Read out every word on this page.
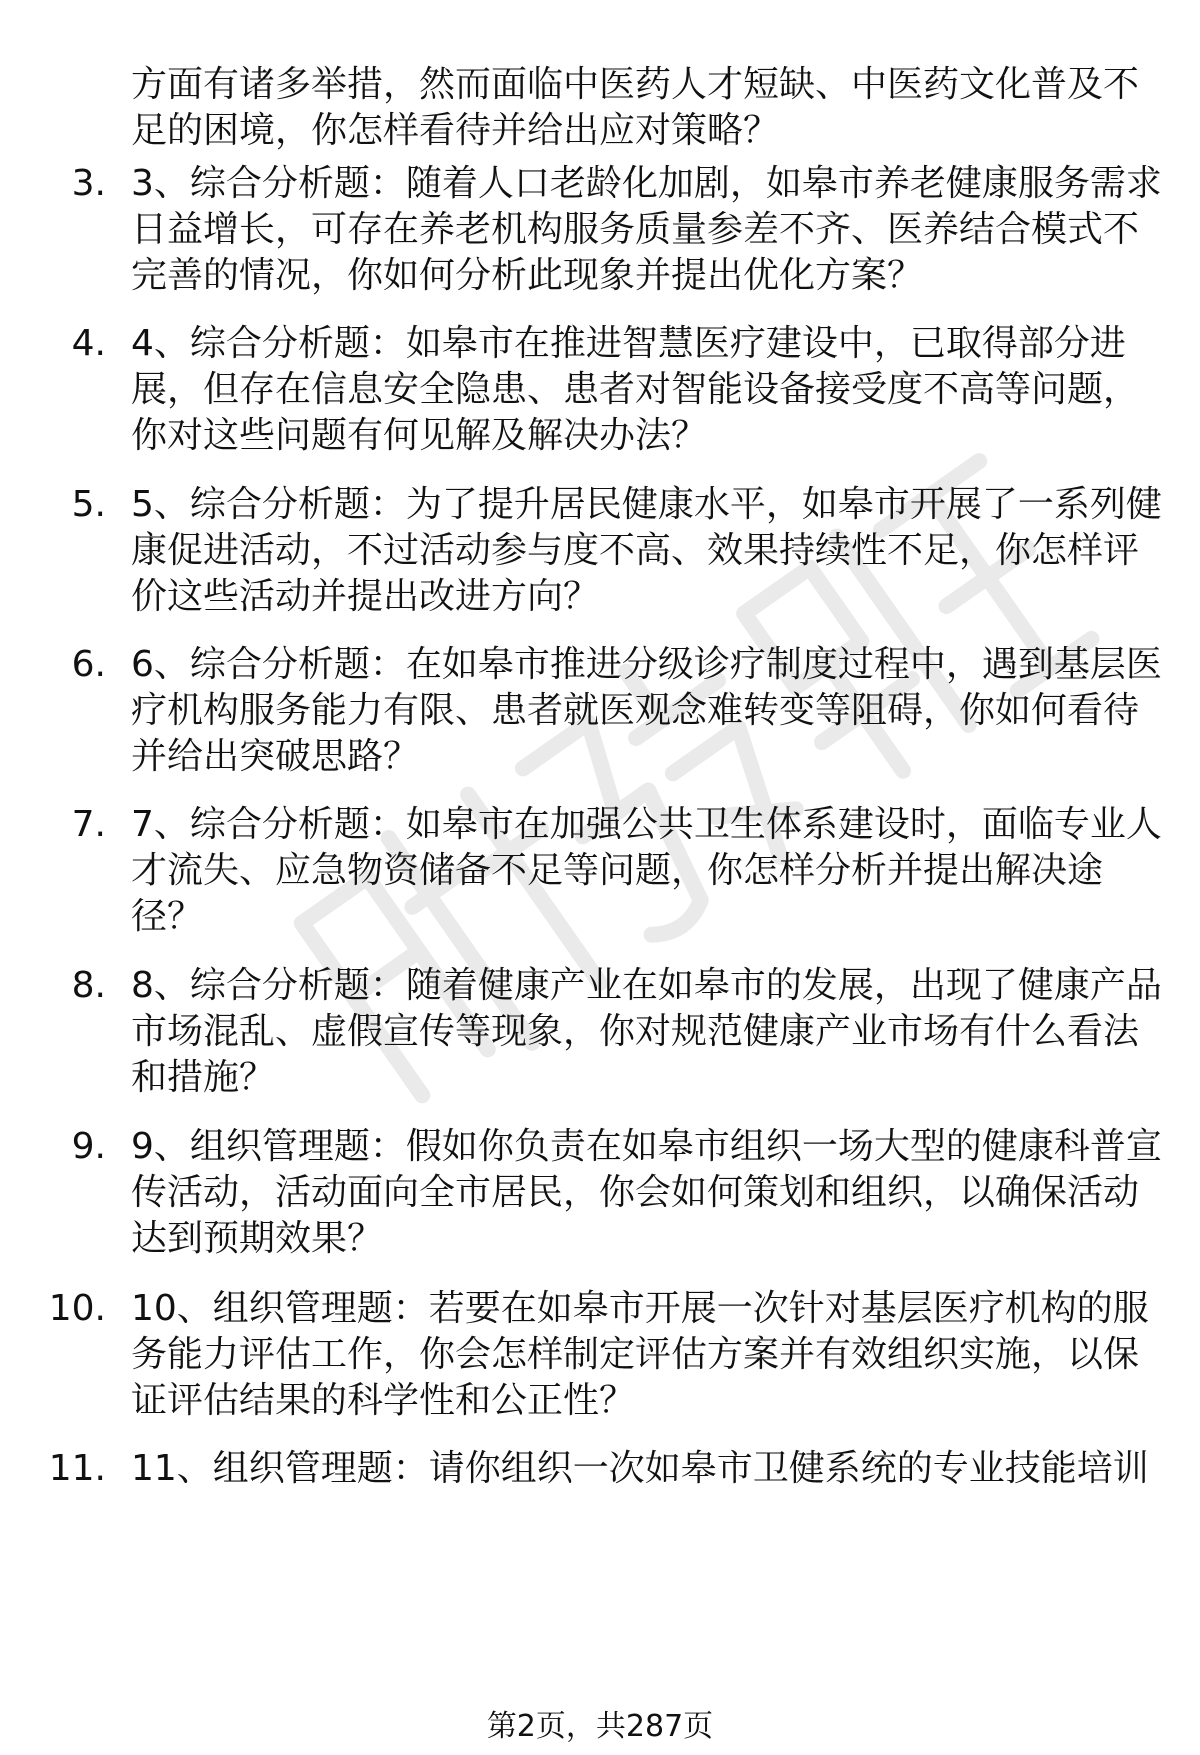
方面有诸多举措，然而面临中医药人才短缺、中医药文化普及不足的困境，你怎样看待并给出应对策略？
3. 3、综合分析题：随着人口老龄化加剧，如皋市养老健康服务需求日益增长，可存在养老机构服务质量参差不齐、医养结合模式不完善的情况，你如何分析此现象并提出优化方案？
4. 4、综合分析题：如皋市在推进智慧医疗建设中，已取得部分进展，但存在信息安全隐患、患者对智能设备接受度不高等问题，你对这些问题有何见解及解决办法？
5. 5、综合分析题：为了提升居民健康水平，如皋市开展了一系列健康促进活动，不过活动参与度不高、效果持续性不足，你怎样评价这些活动并提出改进方向？
6. 6、综合分析题：在如皋市推进分级诊疗制度过程中，遇到基层医疗机构服务能力有限、患者就医观念难转变等阻碍，你如何看待并给出突破思路？
7. 7、综合分析题：如皋市在加强公共卫生体系建设时，面临专业人才流失、应急物资储备不足等问题，你怎样分析并提出解决途径？
8. 8、综合分析题：随着健康产业在如皋市的发展，出现了健康产品市场混乱、虚假宣传等现象，你对规范健康产业市场有什么看法和措施？
9. 9、组织管理题：假如你负责在如皋市组织一场大型的健康科普宣传活动，活动面向全市居民，你会如何策划和组织，以确保活动达到预期效果？
10. 10、组织管理题：若要在如皋市开展一次针对基层医疗机构的服务能力评估工作，你会怎样制定评估方案并有效组织实施，以保证评估结果的科学性和公正性？
11. 11、组织管理题：请你组织一次如皋市卫健系统的专业技能培训
第2页，共287页
